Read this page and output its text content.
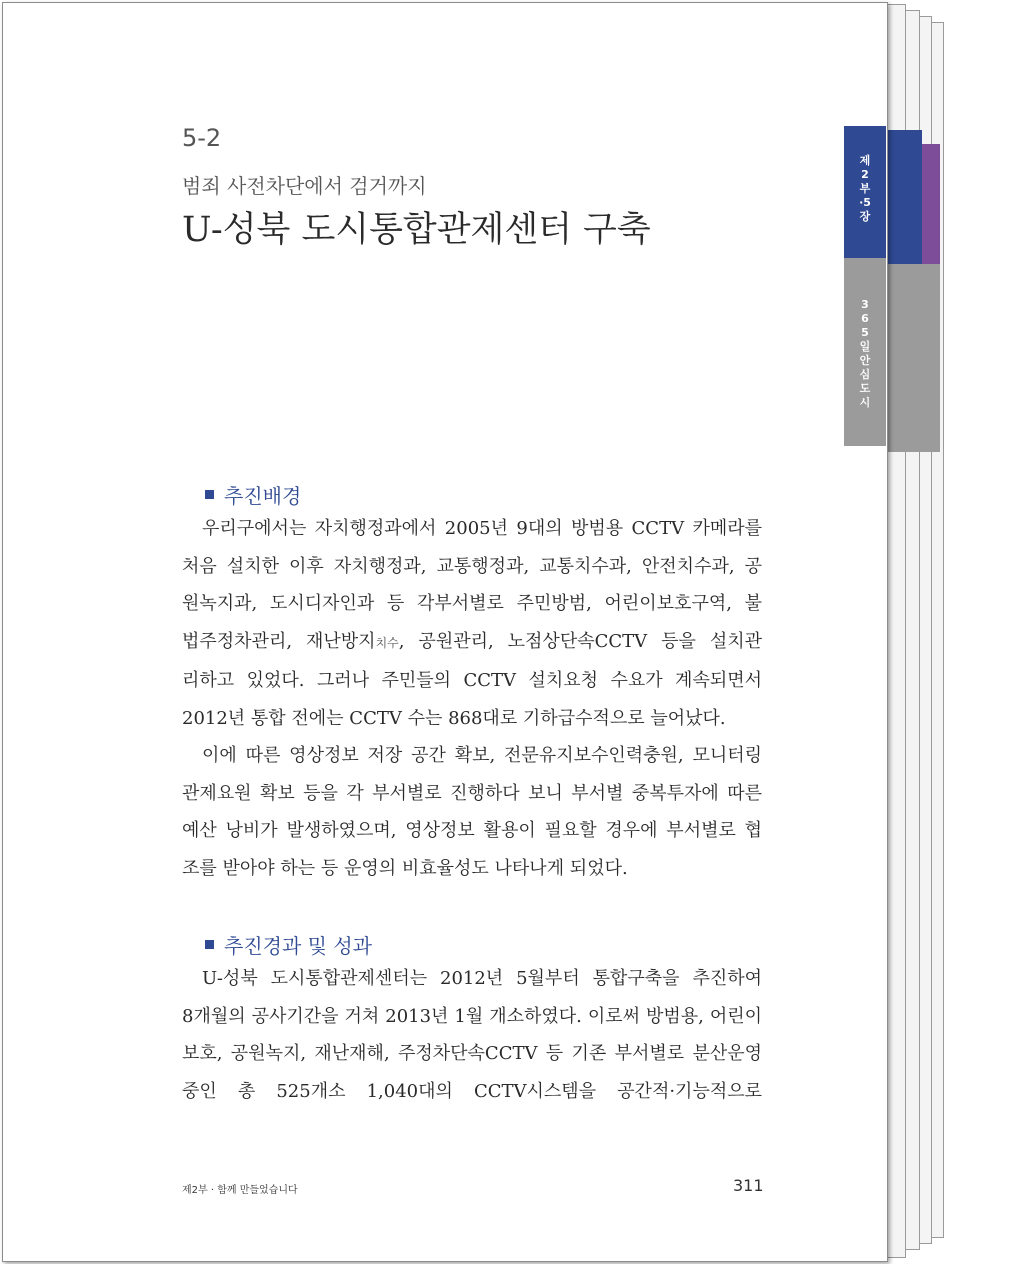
제2부·5장
365일 안심도시
5-2
범죄 사전차단에서 검거까지
U-성북 도시통합관제센터 구축
추진배경
우리구에서는 자치행정과에서 2005년 9대의 방범용 CCTV 카메라를
처음 설치한 이후 자치행정과, 교통행정과, 교통치수과, 안전치수과, 공
원녹지과, 도시디자인과 등 각부서별로 주민방범, 어린이보호구역, 불
법주정차관리, 재난방지치수, 공원관리, 노점상단속CCTV 등을 설치관
리하고 있었다. 그러나 주민들의 CCTV 설치요청 수요가 계속되면서
2012년 통합 전에는 CCTV 수는 868대로 기하급수적으로 늘어났다.
이에 따른 영상정보 저장 공간 확보, 전문유지보수인력충원, 모니터링
관제요원 확보 등을 각 부서별로 진행하다 보니 부서별 중복투자에 따른
예산 낭비가 발생하였으며, 영상정보 활용이 필요할 경우에 부서별로 협
조를 받아야 하는 등 운영의 비효율성도 나타나게 되었다.
추진경과 및 성과
U-성북 도시통합관제센터는 2012년 5월부터 통합구축을 추진하여
8개월의 공사기간을 거쳐 2013년 1월 개소하였다. 이로써 방범용, 어린이
보호, 공원녹지, 재난재해, 주정차단속CCTV 등 기존 부서별로 분산운영
중인 총 525개소 1,040대의 CCTV시스템을 공간적·기능적으로
제2부 · 함께 만들었습니다	311
